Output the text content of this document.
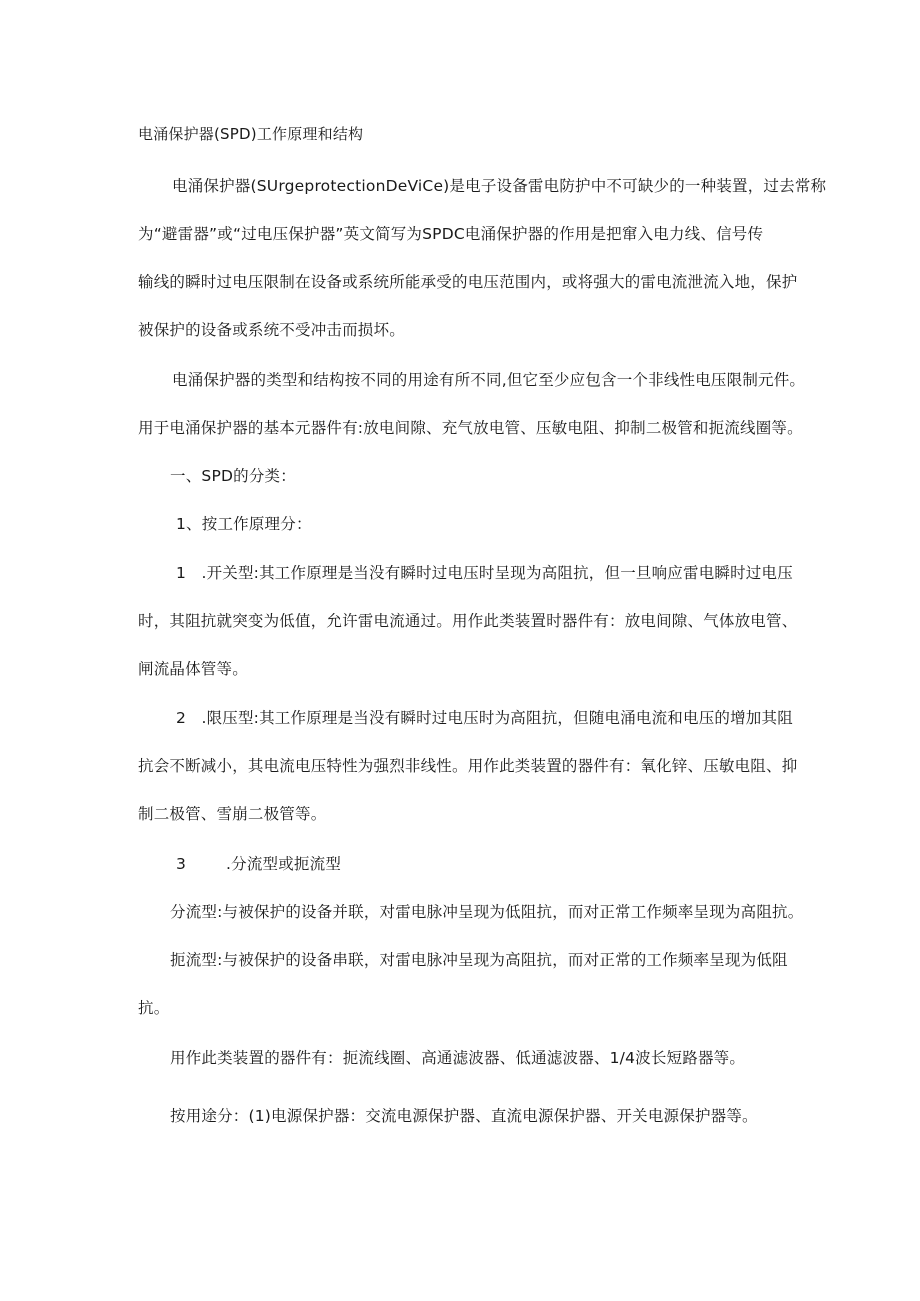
电涌保护器(SPD)工作原理和结构
电涌保护器(SUrgeprotectionDeViCe)是电子设备雷电防护中不可缺少的一种装置，过去常称
为“避雷器”或“过电压保护器”英文简写为SPDC电涌保护器的作用是把窜入电力线、信号传
输线的瞬时过电压限制在设备或系统所能承受的电压范围内，或将强大的雷电流泄流入地，保护
被保护的设备或系统不受冲击而损坏。
电涌保护器的类型和结构按不同的用途有所不同,但它至少应包含一个非线性电压限制元件。
用于电涌保护器的基本元器件有:放电间隙、充气放电管、压敏电阻、抑制二极管和扼流线圈等。
一、SPD的分类：
1、按工作原理分：
1 .开关型:其工作原理是当没有瞬时过电压时呈现为高阻抗，但一旦响应雷电瞬时过电压
时，其阻抗就突变为低值，允许雷电流通过。用作此类装置时器件有：放电间隙、气体放电管、
闸流晶体管等。
2 .限压型:其工作原理是当没有瞬时过电压时为高阻抗，但随电涌电流和电压的增加其阻
抗会不断减小，其电流电压特性为强烈非线性。用作此类装置的器件有：氧化锌、压敏电阻、抑
制二极管、雪崩二极管等。
3	.分流型或扼流型
分流型:与被保护的设备并联，对雷电脉冲呈现为低阻抗，而对正常工作频率呈现为高阻抗。
扼流型:与被保护的设备串联，对雷电脉冲呈现为高阻抗，而对正常的工作频率呈现为低阻
抗。
用作此类装置的器件有：扼流线圈、高通滤波器、低通滤波器、1/4波长短路器等。
按用途分：(1)电源保护器：交流电源保护器、直流电源保护器、开关电源保护器等。
